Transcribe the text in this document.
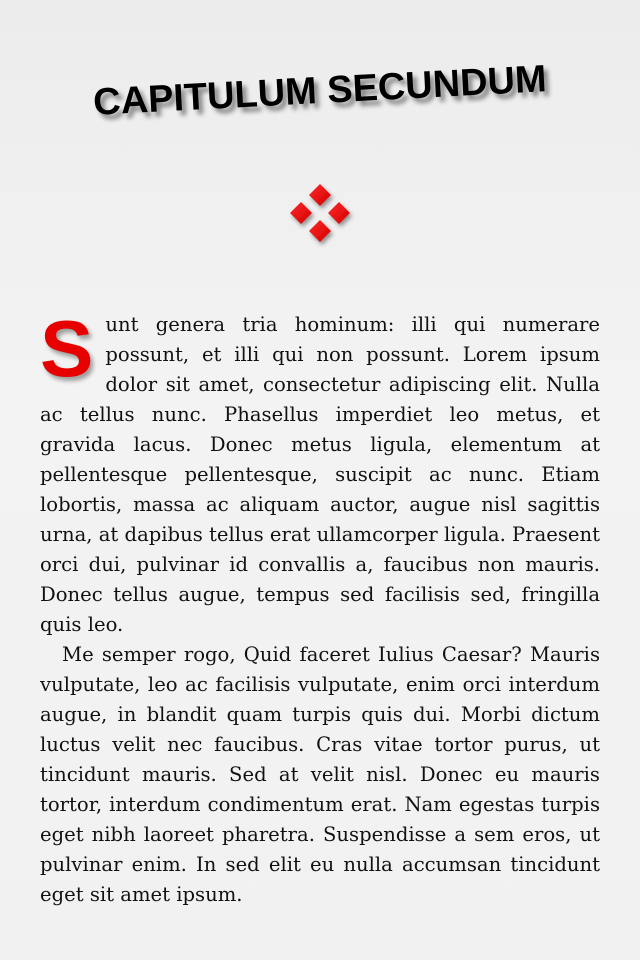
CAPITULUM SECUNDUM

Sunt genera tria hominum: illi qui numerare possunt, et illi qui non possunt. Lorem ipsum dolor sit amet, consectetur adipiscing elit. Nulla ac tellus nunc. Phasellus imperdiet leo metus, et gravida lacus. Donec metus ligula, elementum at pellentesque pellentesque, suscipit ac nunc. Etiam lobortis, massa ac aliquam auctor, augue nisl sagittis urna, at dapibus tellus erat ullamcorper ligula. Praesent orci dui, pulvinar id convallis a, faucibus non mauris. Donec tellus augue, tempus sed facilisis sed, fringilla quis leo.

Me semper rogo, Quid faceret Iulius Caesar? Mauris vulputate, leo ac facilisis vulputate, enim orci interdum augue, in blandit quam turpis quis dui. Morbi dictum luctus velit nec faucibus. Cras vitae tortor purus, ut tincidunt mauris. Sed at velit nisl. Donec eu mauris tortor, interdum condimentum erat. Nam egestas turpis eget nibh laoreet pharetra. Suspendisse a sem eros, ut pulvinar enim. In sed elit eu nulla accumsan tincidunt eget sit amet ipsum.
